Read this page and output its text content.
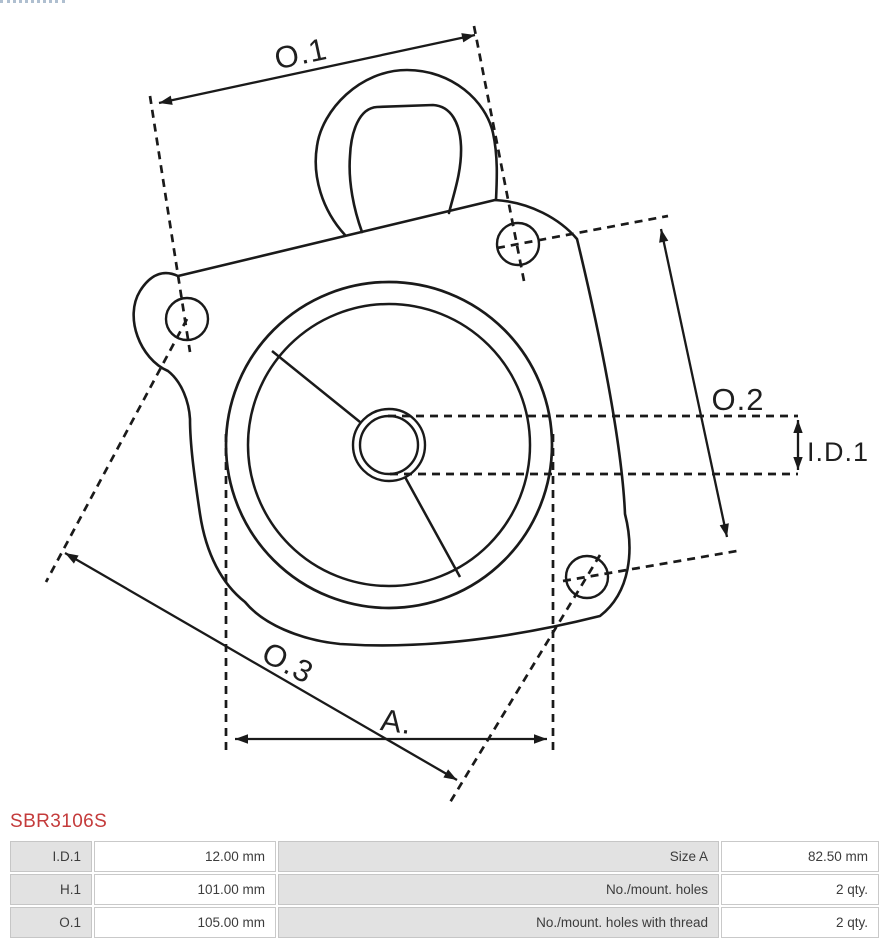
O.1
O.2
I.D.1
O.3
A.
SBR3106S
I.D.1	12.00 mm	Size A	82.50 mm
H.1	101.00 mm	No./mount. holes	2 qty.
O.1	105.00 mm	No./mount. holes with thread	2 qty.
